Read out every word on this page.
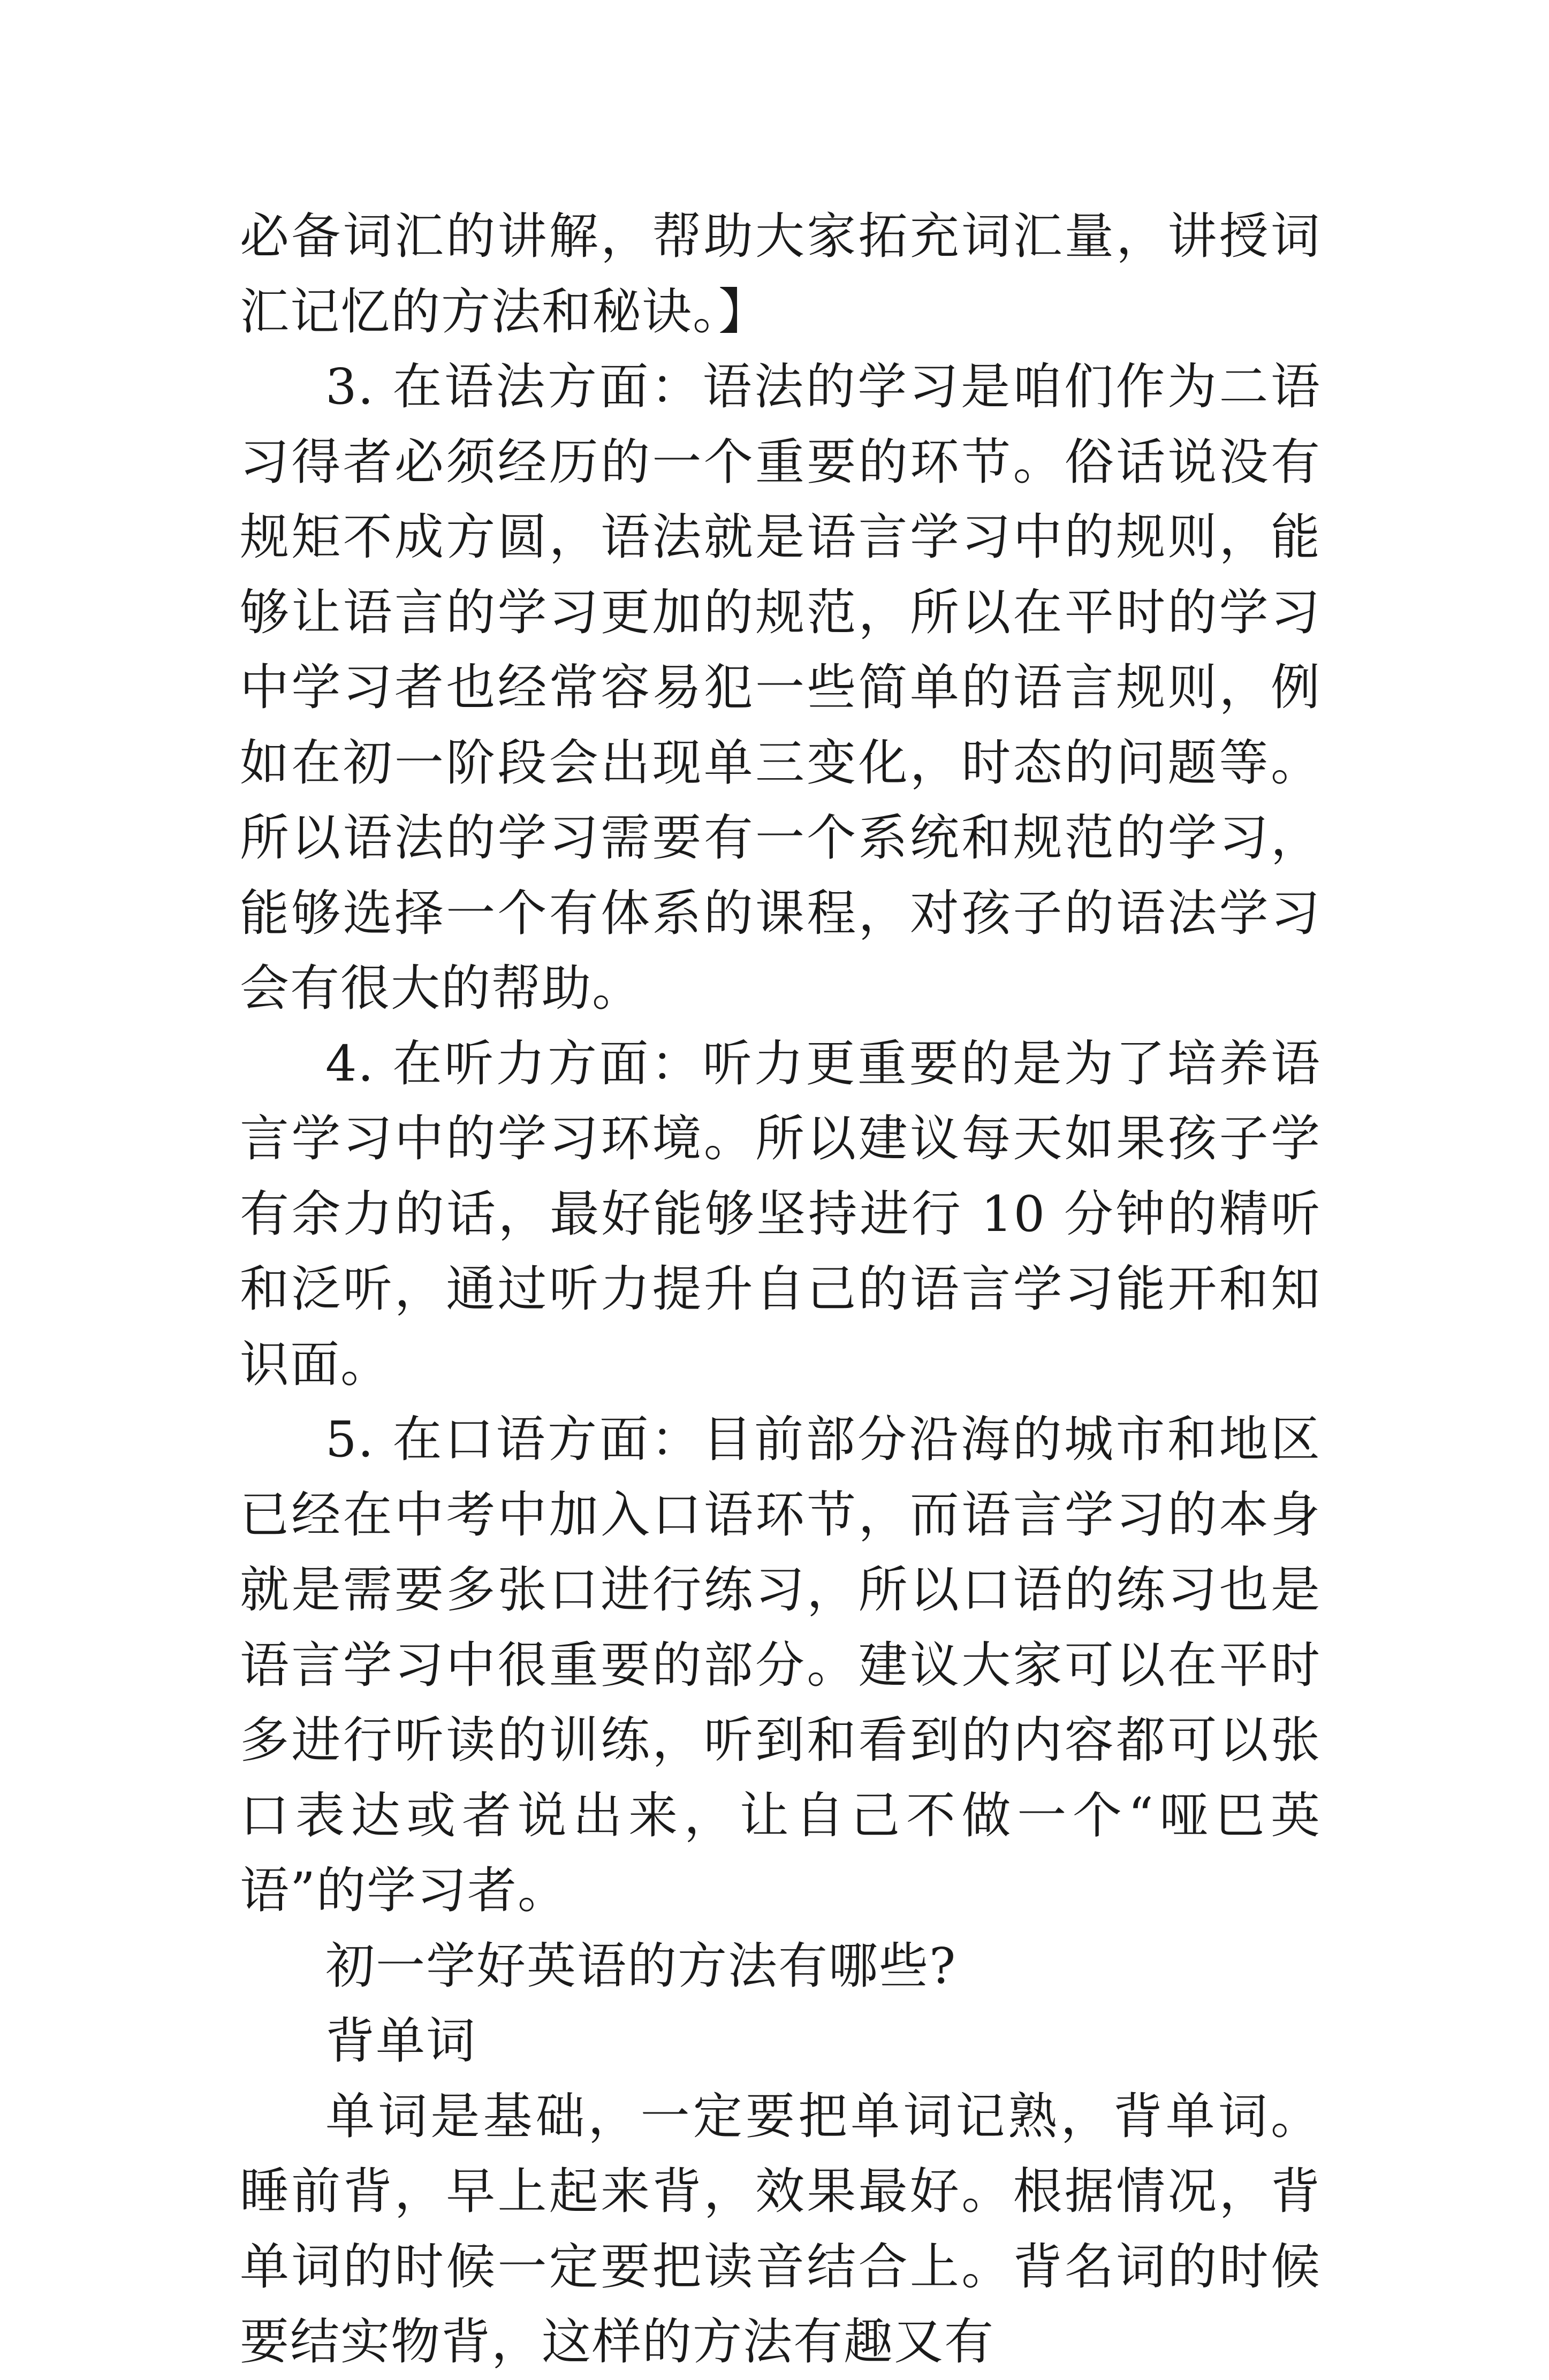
必备词汇的讲解，帮助大家拓充词汇量，讲授词汇记忆的方法和秘诀。】

3. 在语法方面：语法的学习是咱们作为二语习得者必须经历的一个重要的环节。俗话说没有规矩不成方圆，语法就是语言学习中的规则，能够让语言的学习更加的规范，所以在平时的学习中学习者也经常容易犯一些简单的语言规则，例如在初一阶段会出现单三变化，时态的问题等。所以语法的学习需要有一个系统和规范的学习，能够选择一个有体系的课程，对孩子的语法学习会有很大的帮助。

4. 在听力方面：听力更重要的是为了培养语言学习中的学习环境。所以建议每天如果孩子学有余力的话，最好能够坚持进行 10 分钟的精听和泛听，通过听力提升自己的语言学习能开和知识面。

5. 在口语方面：目前部分沿海的城市和地区已经在中考中加入口语环节，而语言学习的本身就是需要多张口进行练习，所以口语的练习也是语言学习中很重要的部分。建议大家可以在平时多进行听读的训练，听到和看到的内容都可以张口表达或者说出来，让自己不做一个“哑巴英语”的学习者。

初一学好英语的方法有哪些?

背单词

单词是基础，一定要把单词记熟，背单词。睡前背，早上起来背，效果最好。根据情况，背单词的时候一定要把读音结合上。背名词的时候要结实物背，这样的方法有趣又有
